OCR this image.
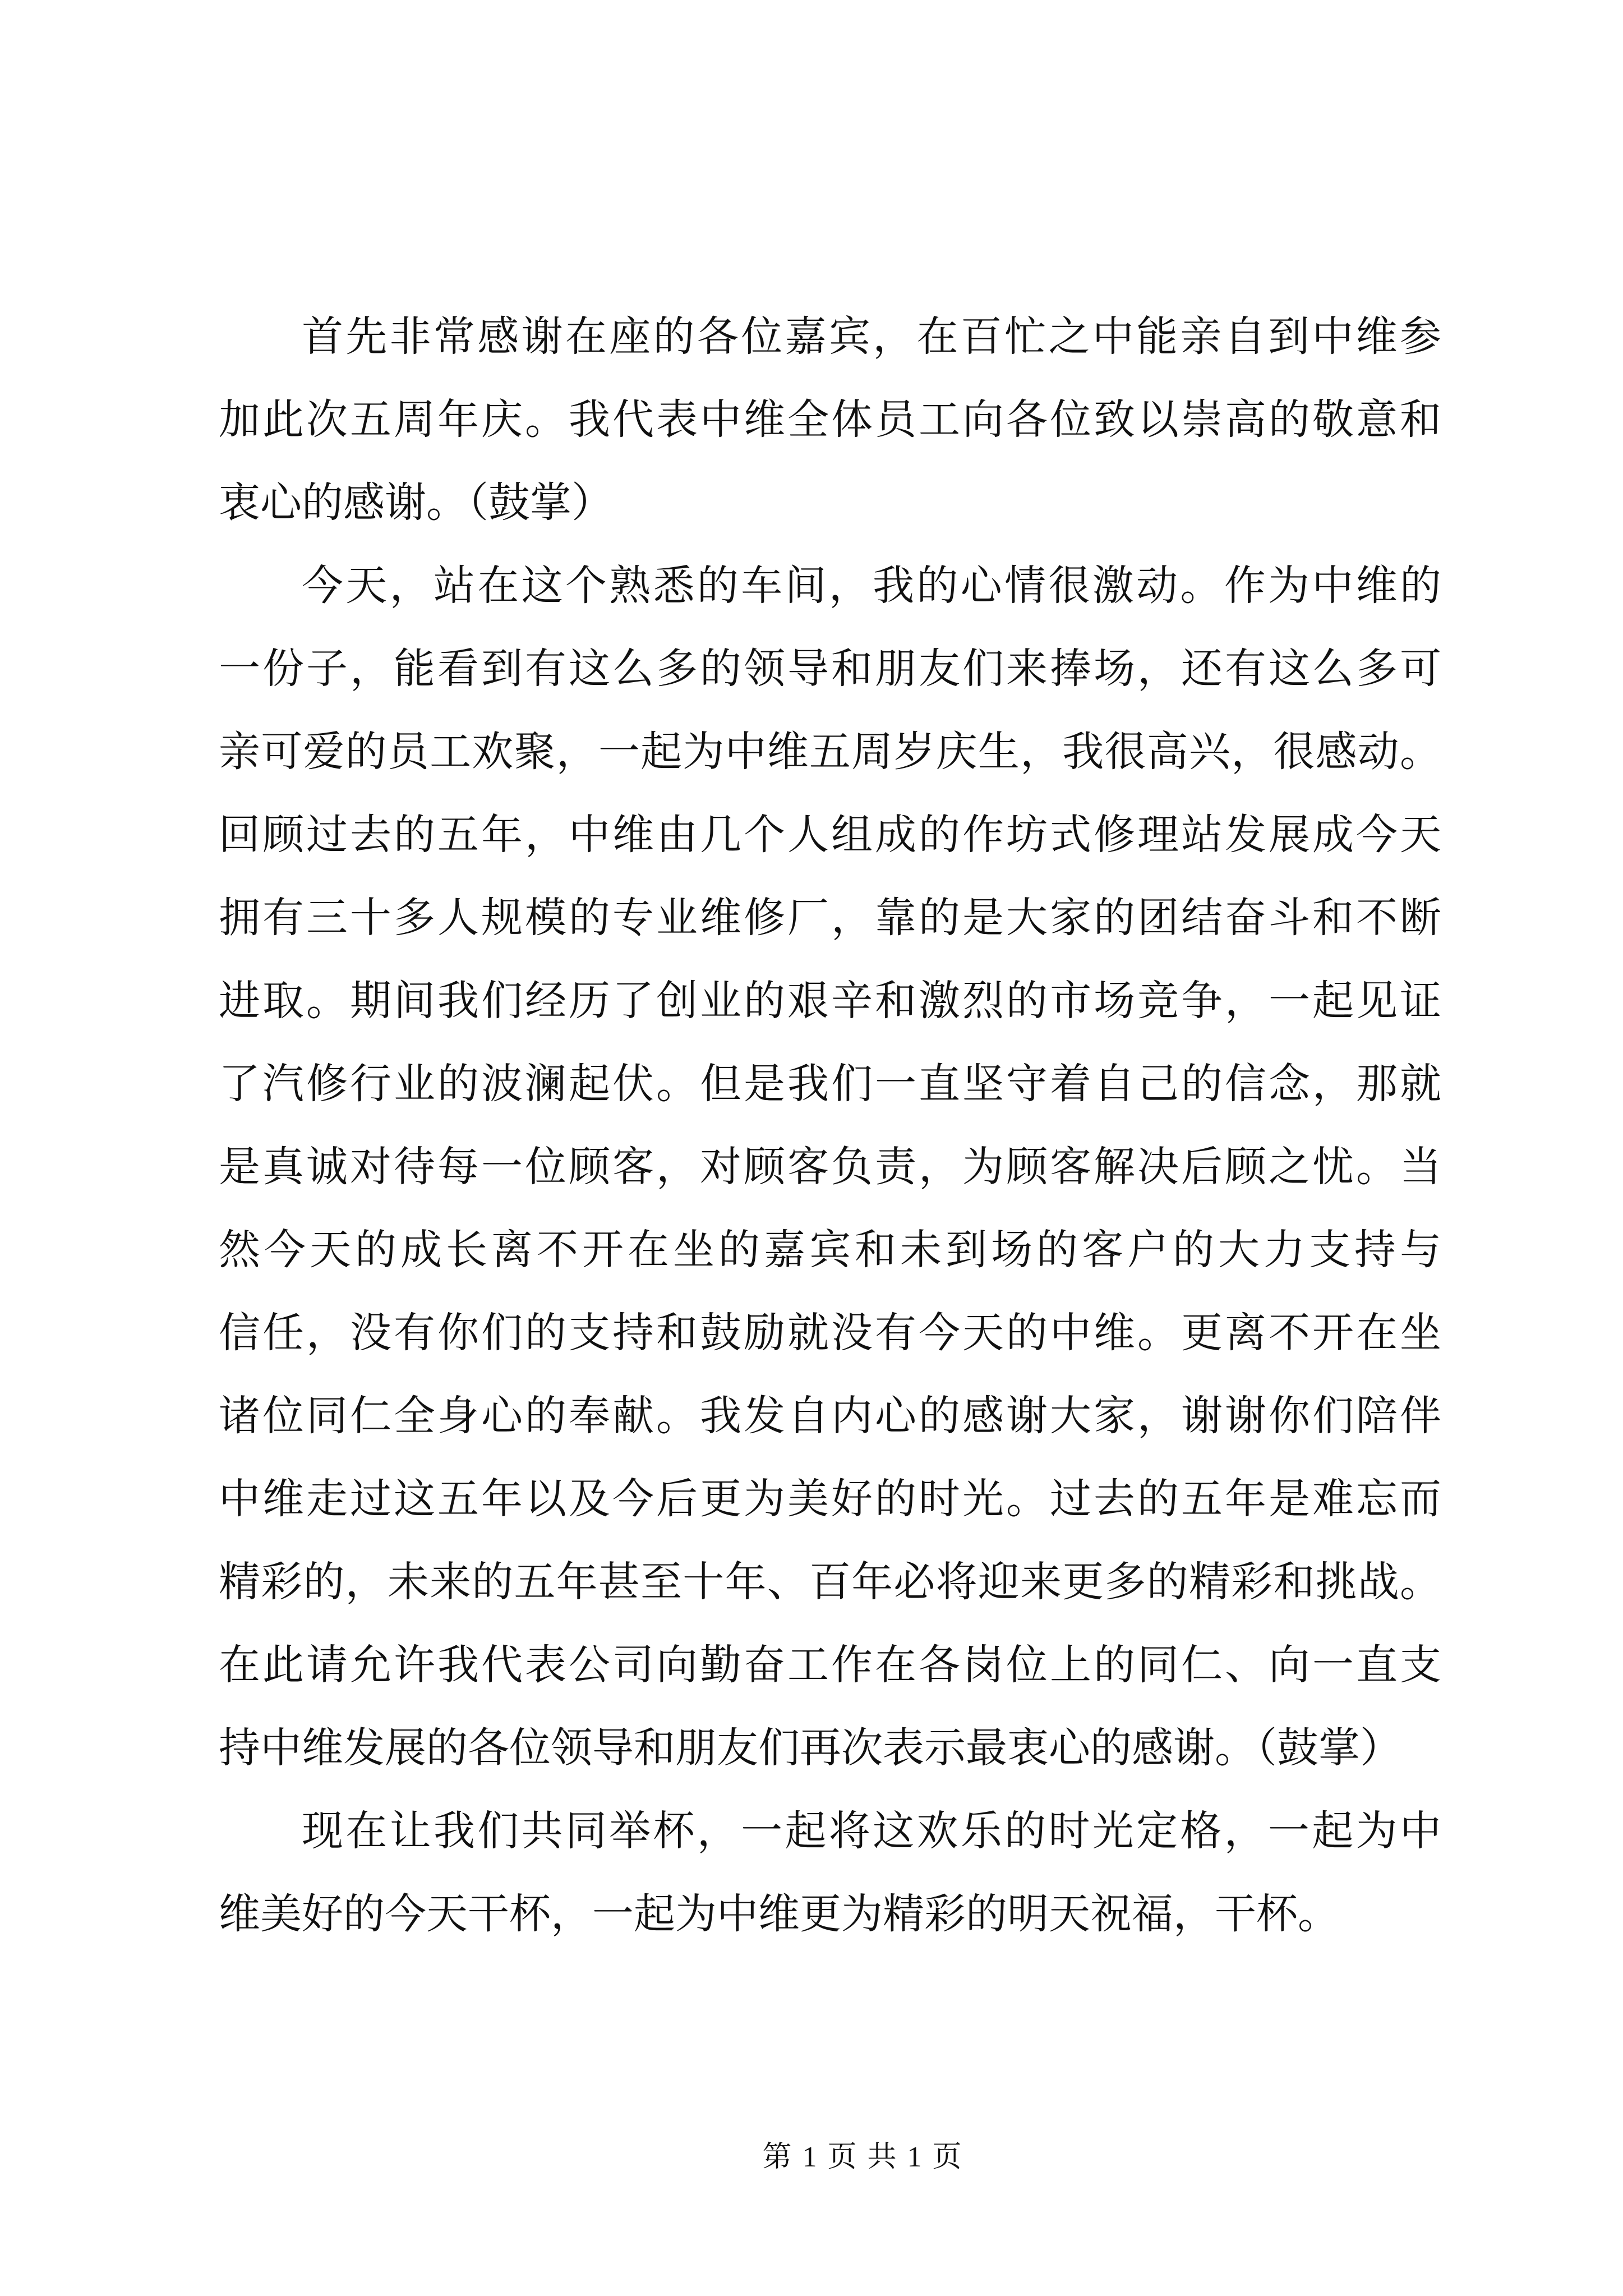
首先非常感谢在座的各位嘉宾，在百忙之中能亲自到中维参
加此次五周年庆。我代表中维全体员工向各位致以崇高的敬意和
衷心的感谢。（鼓掌）
今天，站在这个熟悉的车间，我的心情很激动。作为中维的
一份子，能看到有这么多的领导和朋友们来捧场，还有这么多可
亲可爱的员工欢聚，一起为中维五周岁庆生，我很高兴，很感动。
回顾过去的五年，中维由几个人组成的作坊式修理站发展成今天
拥有三十多人规模的专业维修厂，靠的是大家的团结奋斗和不断
进取。期间我们经历了创业的艰辛和激烈的市场竞争，一起见证
了汽修行业的波澜起伏。但是我们一直坚守着自己的信念，那就
是真诚对待每一位顾客，对顾客负责，为顾客解决后顾之忧。当
然今天的成长离不开在坐的嘉宾和未到场的客户的大力支持与
信任，没有你们的支持和鼓励就没有今天的中维。更离不开在坐
诸位同仁全身心的奉献。我发自内心的感谢大家，谢谢你们陪伴
中维走过这五年以及今后更为美好的时光。过去的五年是难忘而
精彩的，未来的五年甚至十年、百年必将迎来更多的精彩和挑战。
在此请允许我代表公司向勤奋工作在各岗位上的同仁、向一直支
持中维发展的各位领导和朋友们再次表示最衷心的感谢。（鼓掌）
现在让我们共同举杯，一起将这欢乐的时光定格，一起为中
维美好的今天干杯，一起为中维更为精彩的明天祝福，干杯。
第 1 页 共 1 页
